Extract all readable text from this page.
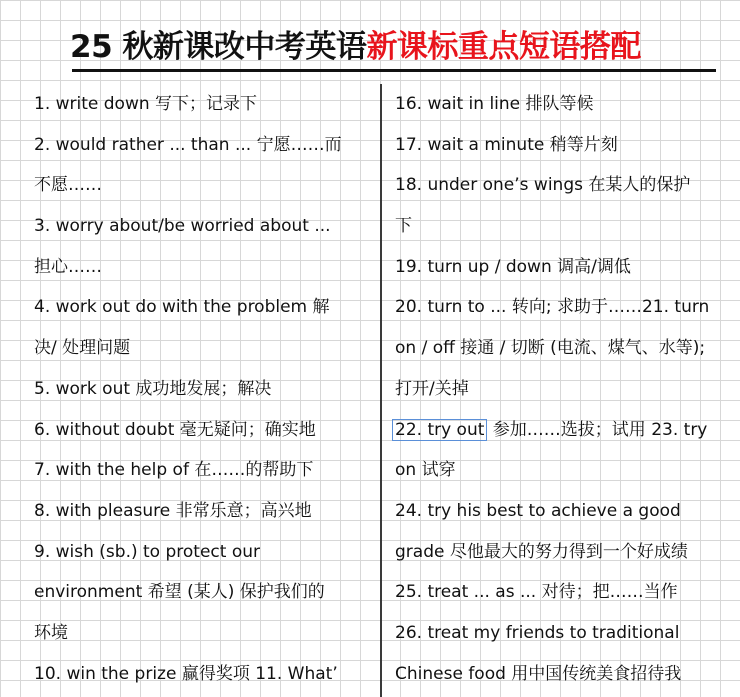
25 秋新课改中考英语新课标重点短语搭配
1. write down 写下；记录下
2. would rather ... than ... 宁愿……而
不愿……
3. worry about/be worried about ...
担心……
4. work out do with the problem 解
决/ 处理问题
5. work out 成功地发展；解决
6. without doubt 毫无疑问；确实地
7. with the help of 在……的帮助下
8. with pleasure 非常乐意；高兴地
9. wish (sb.) to protect our
environment 希望 (某人) 保护我们的
环境
10. win the prize 赢得奖项 11. What’
16. wait in line 排队等候
17. wait a minute 稍等片刻
18. under one’s wings 在某人的保护
下
19. turn up / down 调高/调低
20. turn to ... 转向; 求助于……21. turn
on / off 接通 / 切断 (电流、煤气、水等);
打开/关掉
22. try out 参加……选拔；试用 23. try
on 试穿
24. try his best to achieve a good
grade 尽他最大的努力得到一个好成绩
25. treat ... as ... 对待；把……当作
26. treat my friends to traditional
Chinese food 用中国传统美食招待我
